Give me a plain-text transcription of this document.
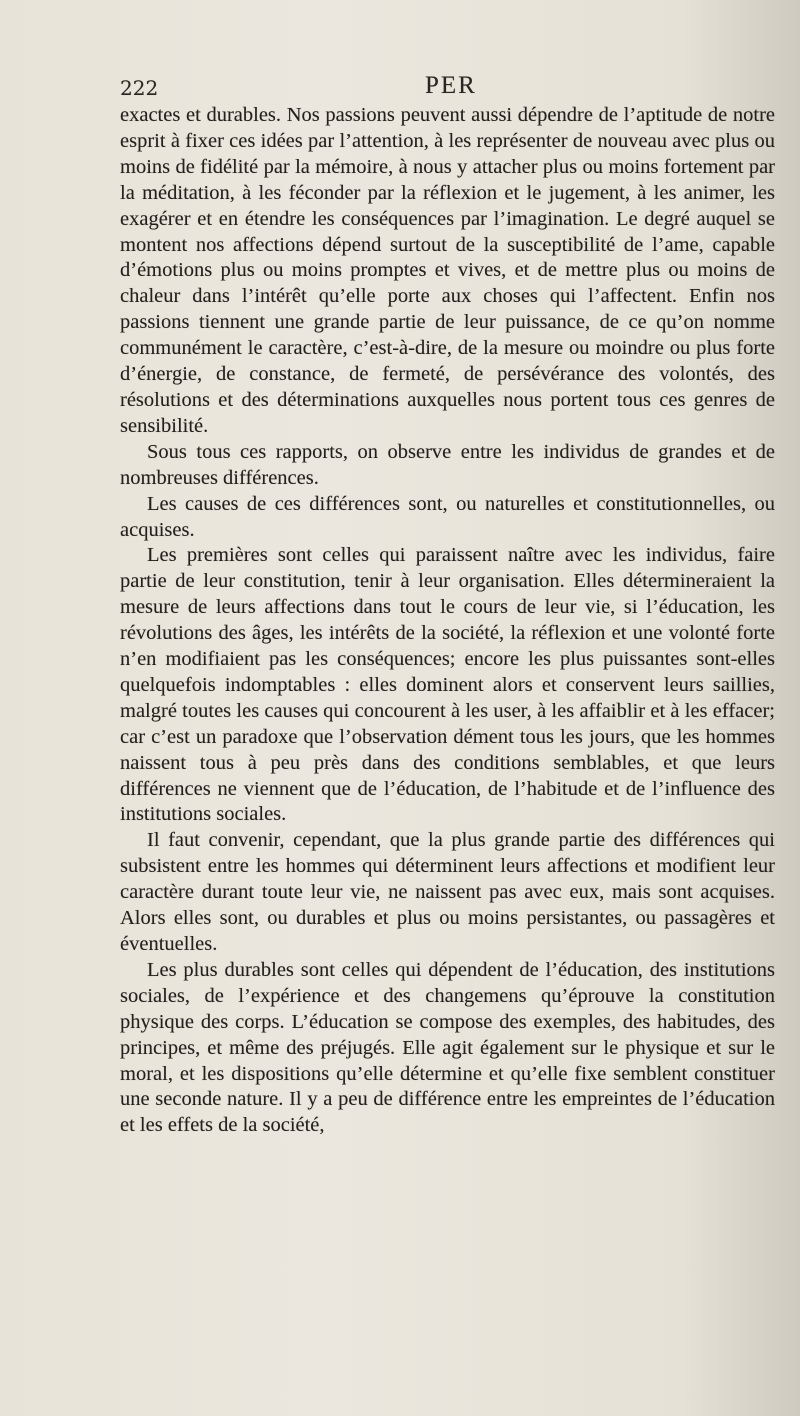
222	PER

exactes et durables. Nos passions peuvent aussi dépendre de l’aptitude de notre esprit à fixer ces idées par l’attention, à les représenter de nouveau avec plus ou moins de fidélité par la mémoire, à nous y attacher plus ou moins fortement par la méditation, à les féconder par la réflexion et le jugement, à les animer, les exagérer et en étendre les conséquences par l’imagination. Le degré auquel se montent nos affections dépend surtout de la susceptibilité de l’ame, capable d’émotions plus ou moins promptes et vives, et de mettre plus ou moins de chaleur dans l’intérêt qu’elle porte aux choses qui l’affectent. Enfin nos passions tiennent une grande partie de leur puissance, de ce qu’on nomme communément le caractère, c’est-à-dire, de la mesure ou moindre ou plus forte d’énergie, de constance, de fermeté, de persévérance des volontés, des résolutions et des déterminations auxquelles nous portent tous ces genres de sensibilité.

Sous tous ces rapports, on observe entre les individus de grandes et de nombreuses différences.

Les causes de ces différences sont, ou naturelles et constitutionnelles, ou acquises.

Les premières sont celles qui paraissent naître avec les individus, faire partie de leur constitution, tenir à leur organisation. Elles détermineraient la mesure de leurs affections dans tout le cours de leur vie, si l’éducation, les révolutions des âges, les intérêts de la société, la réflexion et une volonté forte n’en modifiaient pas les conséquences; encore les plus puissantes sont-elles quelquefois indomptables : elles dominent alors et conservent leurs saillies, malgré toutes les causes qui concourent à les user, à les affaiblir et à les effacer; car c’est un paradoxe que l’observation dément tous les jours, que les hommes naissent tous à peu près dans des conditions semblables, et que leurs différences ne viennent que de l’éducation, de l’habitude et de l’influence des institutions sociales.

Il faut convenir, cependant, que la plus grande partie des différences qui subsistent entre les hommes qui déterminent leurs affections et modifient leur caractère durant toute leur vie, ne naissent pas avec eux, mais sont acquises. Alors elles sont, ou durables et plus ou moins persistantes, ou passagères et éventuelles.

Les plus durables sont celles qui dépendent de l’éducation, des institutions sociales, de l’expérience et des changemens qu’éprouve la constitution physique des corps. L’éducation se compose des exemples, des habitudes, des principes, et même des préjugés. Elle agit également sur le physique et sur le moral, et les dispositions qu’elle détermine et qu’elle fixe semblent constituer une seconde nature. Il y a peu de différence entre les empreintes de l’éducation et les effets de la société,
